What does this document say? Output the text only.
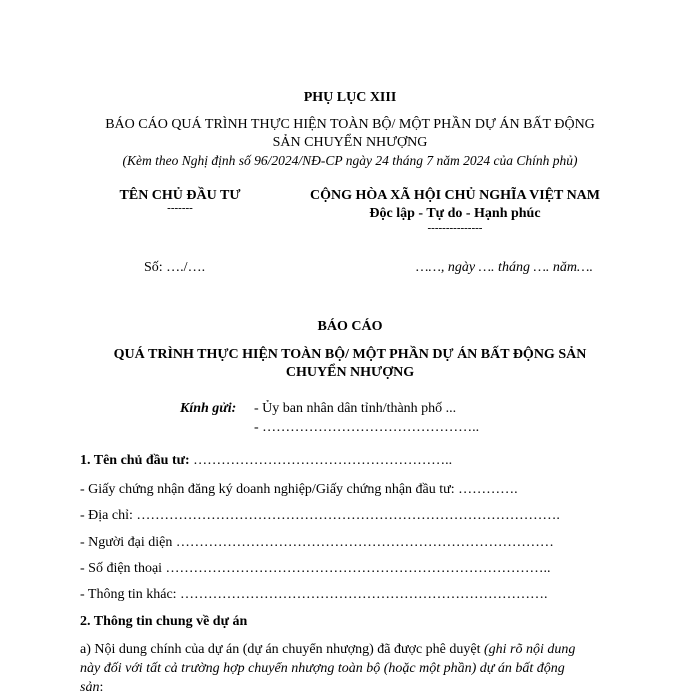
PHỤ LỤC XIII
BÁO CÁO QUÁ TRÌNH THỰC HIỆN TOÀN BỘ/ MỘT PHẦN DỰ ÁN BẤT ĐỘNG
SẢN CHUYỂN NHƯỢNG
(Kèm theo Nghị định số 96/2024/NĐ-CP ngày 24 tháng 7 năm 2024 của Chính phủ)
TÊN CHỦ ĐẦU TƯ
-------
CỘNG HÒA XÃ HỘI CHỦ NGHĨA VIỆT NAM
Độc lập - Tự do - Hạnh phúc
---------------
Số: …./….	……, ngày …. tháng …. năm….
BÁO CÁO
QUÁ TRÌNH THỰC HIỆN TOÀN BỘ/ MỘT PHẦN DỰ ÁN BẤT ĐỘNG SẢN
CHUYỂN NHƯỢNG
Kính gửi: - Ủy ban nhân dân tỉnh/thành phố ...
- ………………………………………..
1. Tên chủ đầu tư: ………………………………………………..
- Giấy chứng nhận đăng ký doanh nghiệp/Giấy chứng nhận đầu tư: ………….
- Địa chỉ: ……………………………………………………………………………….
- Người đại diện ………………………………………………………………………
- Số điện thoại ………………………………………………………………………..
- Thông tin khác: …………………………………………………………………….
2. Thông tin chung về dự án
a) Nội dung chính của dự án (dự án chuyển nhượng) đã được phê duyệt (ghi rõ nội dung
này đối với tất cả trường hợp chuyển nhượng toàn bộ (hoặc một phần) dự án bất động
sản:
